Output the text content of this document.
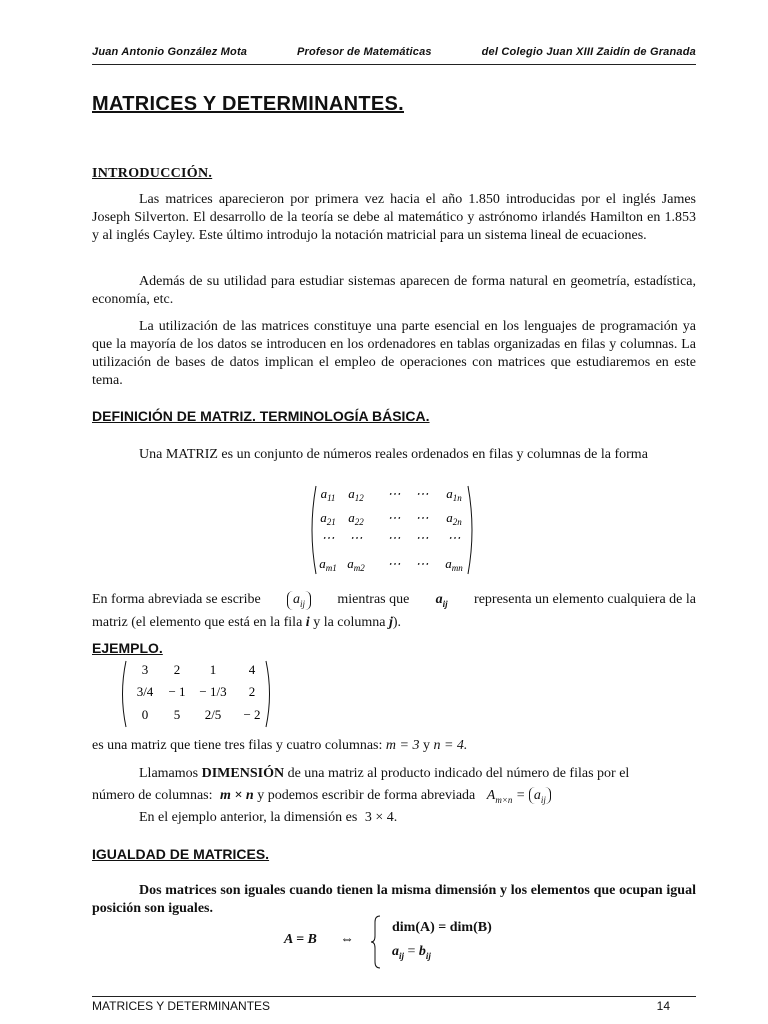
Juan Antonio González Mota	Profesor de Matemáticas	del Colegio Juan XIII Zaidín de Granada
MATRICES Y DETERMINANTES.
INTRODUCCIÓN.
Las matrices aparecieron por primera vez hacia el año 1.850 introducidas por el inglés James Joseph Silverton. El desarrollo de la teoría se debe al matemático y astrónomo irlandés Hamilton en 1.853 y al inglés Cayley. Este último introdujo la notación matricial para un sistema lineal de ecuaciones.
Además de su utilidad para estudiar sistemas aparecen de forma natural en geometría, estadística, economía, etc.
La utilización de las matrices constituye una parte esencial en los lenguajes de programación ya que la mayoría de los datos se introducen en los ordenadores en tablas organizadas en filas y columnas. La utilización de bases de datos implican el empleo de operaciones con matrices que estudiaremos en este tema.
DEFINICIÓN DE MATRIZ. TERMINOLOGÍA BÁSICA.
Una MATRIZ es un conjunto de números reales ordenados en filas y columnas de la forma
$a_{11}$ $a_{12}$ ⋯ ⋯ $a_{1n}$
$a_{21}$ $a_{22}$ ⋯ ⋯ $a_{2n}$
⋯ ⋯ ⋯ ⋯ ⋯
$a_{m1}$ $a_{m2}$ ⋯ ⋯ $a_{mn}$
En forma abreviada se escribe	$a_{ij}$	mientras que $a_{ij}$ representa un elemento cualquiera de la
matriz (el elemento que está en la fila i y la columna j).
EJEMPLO.
3 2 1	4
3/4 − 1 − 1/3 2
0 5 2/5 − 2
es una matriz que tiene tres filas y cuatro columnas: m = 3 y n = 4.
Llamamos DIMENSIÓN de una matriz al producto indicado del número de filas por el
número de columnas: m × n y podemos escribir de forma abreviada $A_{m\times n} = a_{ij}$
En el ejemplo anterior, la dimensión es 3 × 4.
IGUALDAD DE MATRICES.
Dos matrices son iguales cuando tienen la misma dimensión y los elementos que ocupan igual posición son iguales.
A = B ⇔
dim(A) = dim(B)
$a_{ij} = b_{ij}$
MATRICES Y DETERMINANTES	14
